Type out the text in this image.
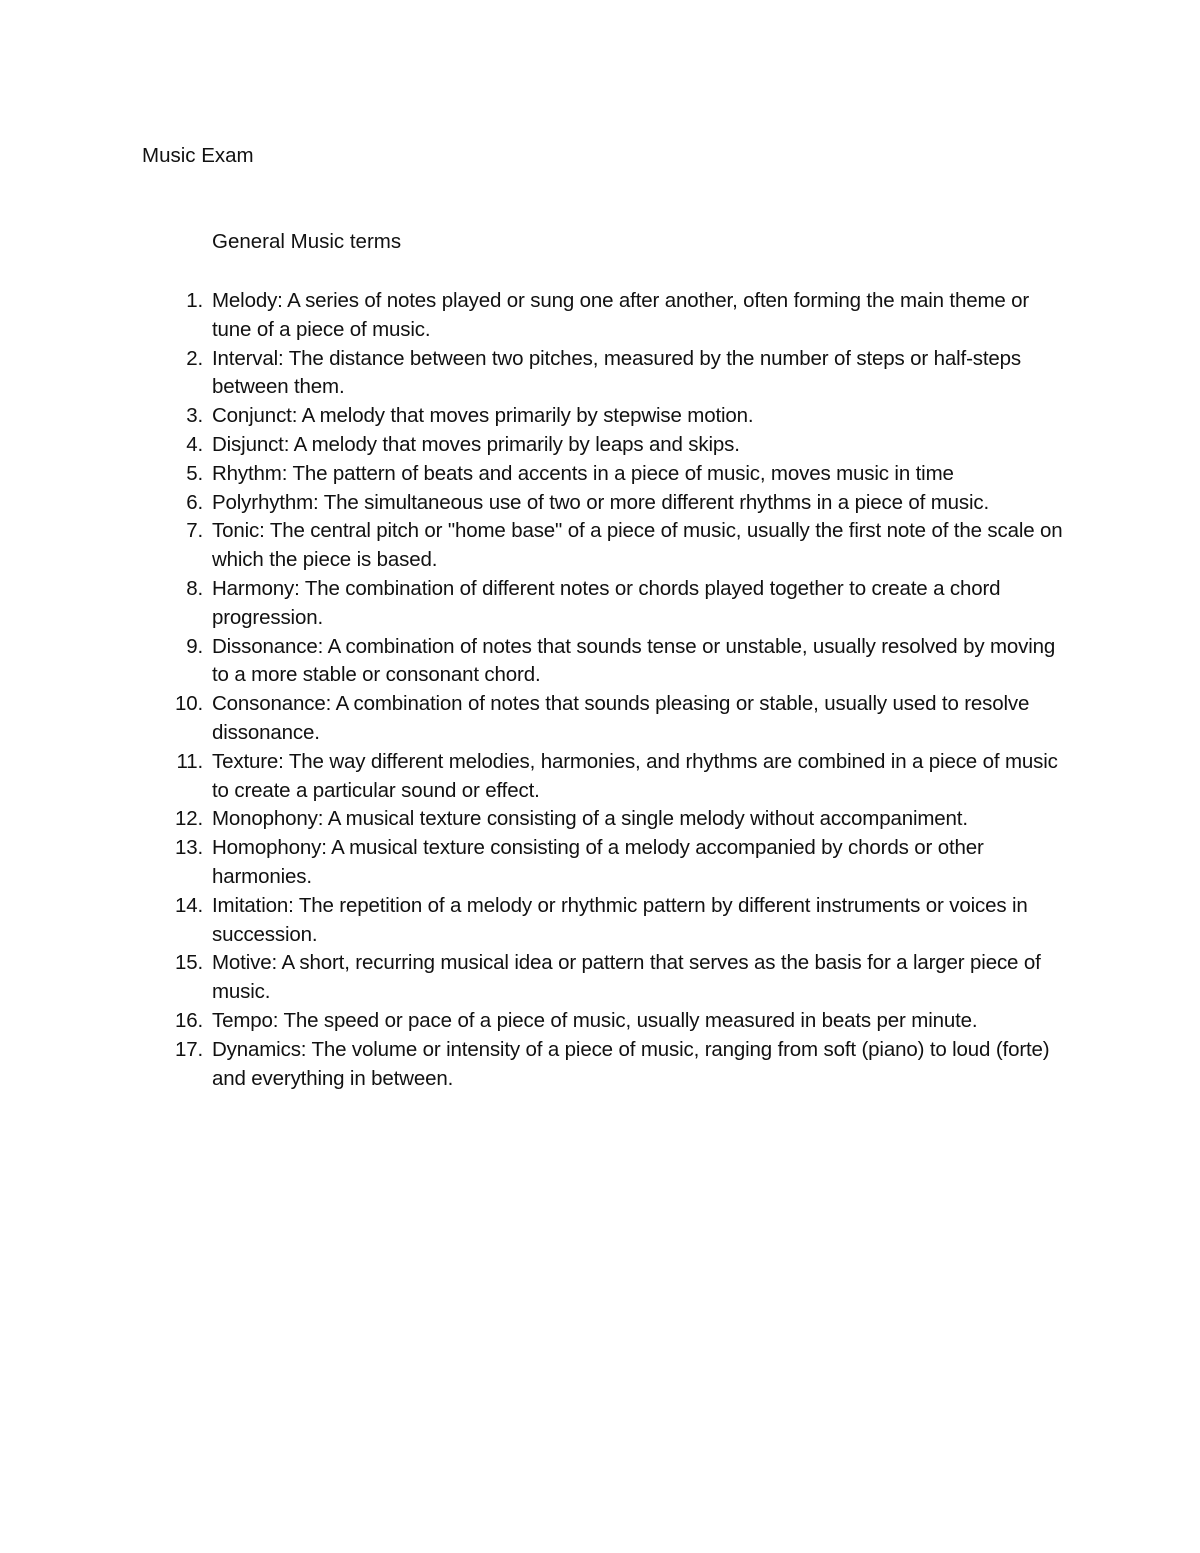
Music Exam
General Music terms
1. Melody: A series of notes played or sung one after another, often forming the main theme or tune of a piece of music.
2. Interval: The distance between two pitches, measured by the number of steps or half-steps between them.
3. Conjunct: A melody that moves primarily by stepwise motion.
4. Disjunct: A melody that moves primarily by leaps and skips.
5. Rhythm: The pattern of beats and accents in a piece of music, moves music in time
6. Polyrhythm: The simultaneous use of two or more different rhythms in a piece of music.
7. Tonic: The central pitch or "home base" of a piece of music, usually the first note of the scale on which the piece is based.
8. Harmony: The combination of different notes or chords played together to create a chord progression.
9. Dissonance: A combination of notes that sounds tense or unstable, usually resolved by moving to a more stable or consonant chord.
10. Consonance: A combination of notes that sounds pleasing or stable, usually used to resolve dissonance.
11. Texture: The way different melodies, harmonies, and rhythms are combined in a piece of music to create a particular sound or effect.
12. Monophony: A musical texture consisting of a single melody without accompaniment.
13. Homophony: A musical texture consisting of a melody accompanied by chords or other harmonies.
14. Imitation: The repetition of a melody or rhythmic pattern by different instruments or voices in succession.
15. Motive: A short, recurring musical idea or pattern that serves as the basis for a larger piece of music.
16. Tempo: The speed or pace of a piece of music, usually measured in beats per minute.
17. Dynamics: The volume or intensity of a piece of music, ranging from soft (piano) to loud (forte) and everything in between.
